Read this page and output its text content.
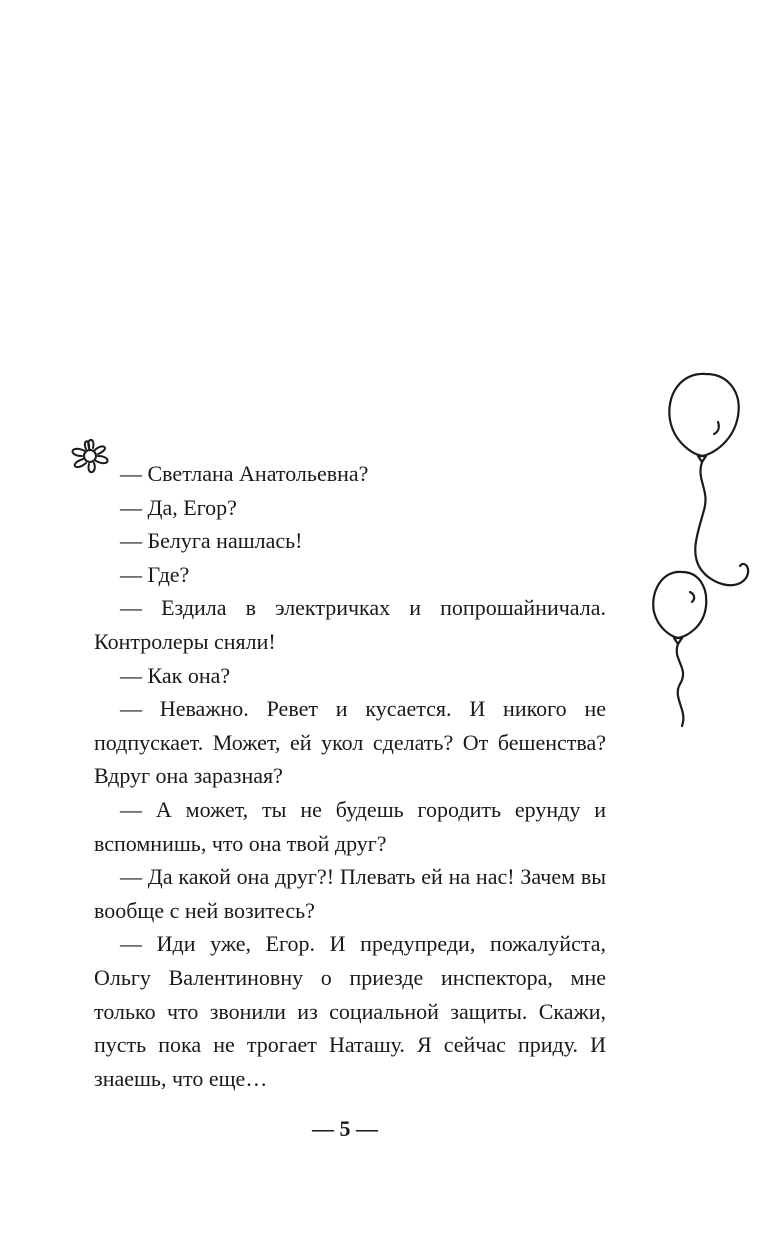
— Светлана Анатольевна?

— Да, Егор?

— Белуга нашлась!

— Где?

— Ездила в электричках и попрошайничала. Контролеры сняли!

— Как она?

— Неважно. Ревет и кусается. И никого не подпускает. Может, ей укол сделать? От бешенства? Вдруг она заразная?

— А может, ты не будешь городить ерунду и вспомнишь, что она твой друг?

— Да какой она друг?! Плевать ей на нас! Зачем вы вообще с ней возитесь?

— Иди уже, Егор. И предупреди, пожалуйста, Ольгу Валентиновну о приезде инспектора, мне только что звонили из социальной защиты. Скажи, пусть пока не трогает Наташу. Я сейчас приду. И знаешь, что еще…

— 5 —
